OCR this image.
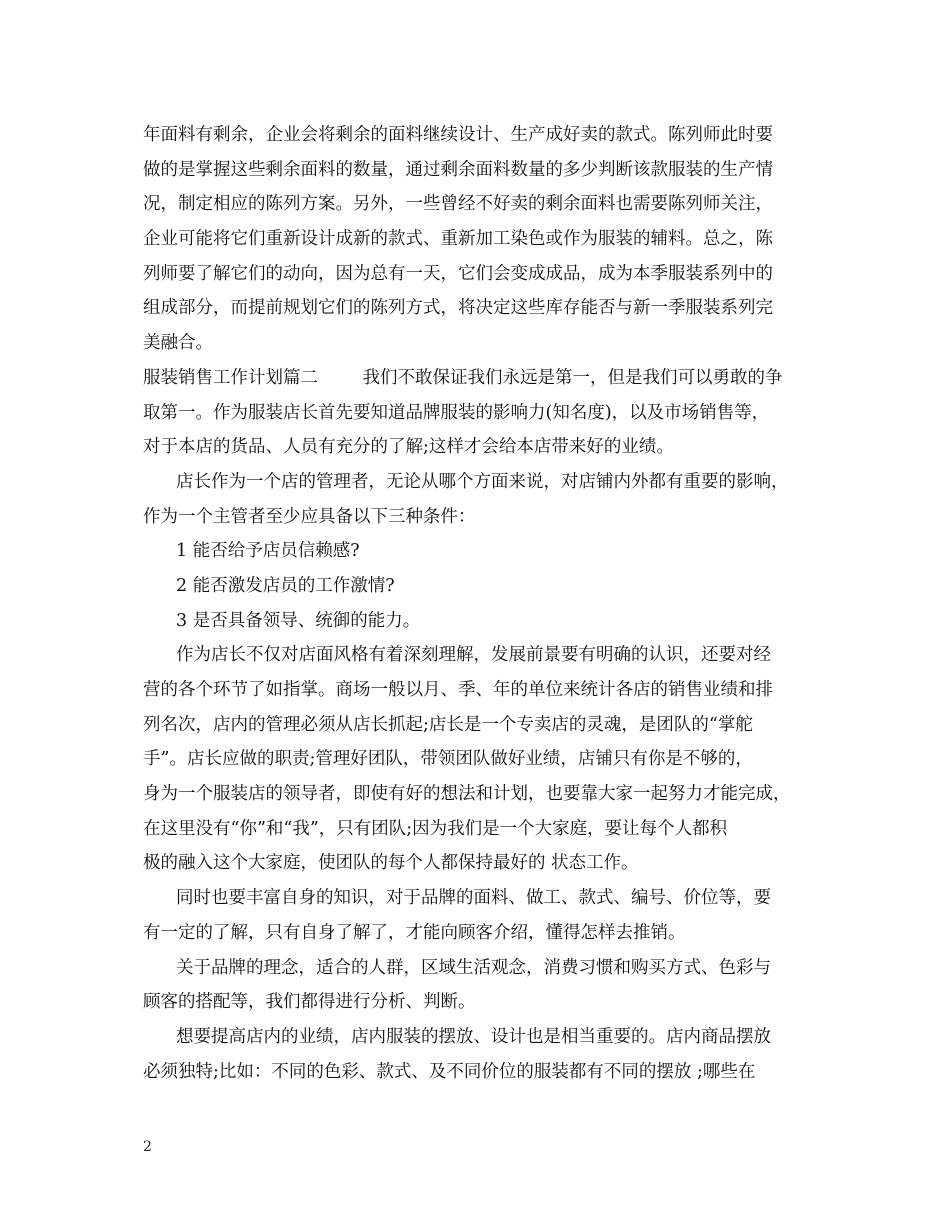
年面料有剩余，企业会将剩余的面料继续设计、生产成好卖的款式。陈列师此时要
做的是掌握这些剩余面料的数量，通过剩余面料数量的多少判断该款服装的生产情
况，制定相应的陈列方案。另外，一些曾经不好卖的剩余面料也需要陈列师关注，
企业可能将它们重新设计成新的款式、重新加工染色或作为服装的辅料。总之，陈
列师要了解它们的动向，因为总有一天，它们会变成成品，成为本季服装系列中的
组成部分，而提前规划它们的陈列方式，将决定这些库存能否与新一季服装系列完
美融合。
服装销售工作计划篇二        我们不敢保证我们永远是第一，但是我们可以勇敢的争
取第一。作为服装店长首先要知道品牌服装的影响力(知名度)，以及市场销售等，
对于本店的货品、人员有充分的了解;这样才会给本店带来好的业绩。
店长作为一个店的管理者，无论从哪个方面来说，对店铺内外都有重要的影响，
作为一个主管者至少应具备以下三种条件：
1 能否给予店员信赖感?
2 能否激发店员的工作激情?
3 是否具备领导、统御的能力。
作为店长不仅对店面风格有着深刻理解，发展前景要有明确的认识，还要对经
营的各个环节了如指掌。商场一般以月、季、年的单位来统计各店的销售业绩和排
列名次，店内的管理必须从店长抓起;店长是一个专卖店的灵魂，是团队的“掌舵
手”。店长应做的职责;管理好团队，带领团队做好业绩，店铺只有你是不够的，
身为一个服装店的领导者，即使有好的想法和计划，也要靠大家一起努力才能完成，
在这里没有“你”和“我”，只有团队;因为我们是一个大家庭，要让每个人都积
极的融入这个大家庭，使团队的每个人都保持最好的 状态工作。
同时也要丰富自身的知识，对于品牌的面料、做工、款式、编号、价位等，要
有一定的了解，只有自身了解了，才能向顾客介绍，懂得怎样去推销。
关于品牌的理念，适合的人群，区域生活观念，消费习惯和购买方式、色彩与
顾客的搭配等，我们都得进行分析、判断。
想要提高店内的业绩，店内服装的摆放、设计也是相当重要的。店内商品摆放
必须独特;比如：不同的色彩、款式、及不同价位的服装都有不同的摆放 ;哪些在
2
